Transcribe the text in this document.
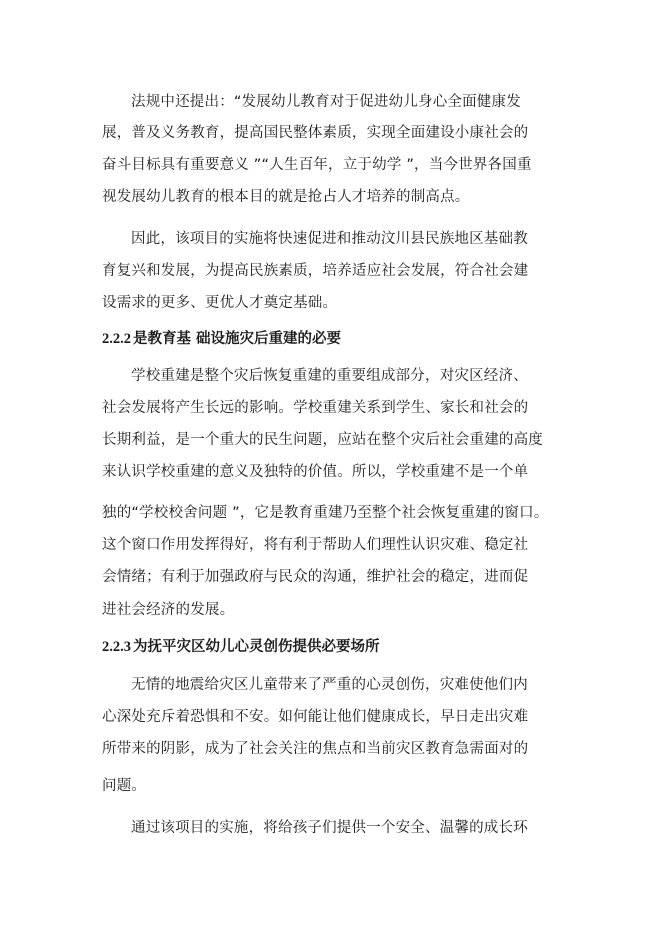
法规中还提出：“发展幼儿教育对于促进幼儿身心全面健康发
展，普及义务教育，提高国民整体素质，实现全面建设小康社会的
奋斗目标具有重要意义 ”“人生百年，立于幼学 ”，当今世界各国重
视发展幼儿教育的根本目的就是抢占人才培养的制高点。
因此，该项目的实施将快速促进和推动汶川县民族地区基础教
育复兴和发展，为提高民族素质，培养适应社会发展，符合社会建
设需求的更多、更优人才奠定基础。
2.2.2 是教育基 础设施灾后重建的必要
学校重建是整个灾后恢复重建的重要组成部分，对灾区经济、
社会发展将产生长远的影响。学校重建关系到学生、家长和社会的
长期利益，是一个重大的民生问题，应站在整个灾后社会重建的高度
来认识学校重建的意义及独特的价值。所以，学校重建不是一个单
独的“学校校舍问题 ”，它是教育重建乃至整个社会恢复重建的窗口。
这个窗口作用发挥得好，将有利于帮助人们理性认识灾难、稳定社
会情绪；有利于加强政府与民众的沟通，维护社会的稳定，进而促
进社会经济的发展。
2.2.3 为抚平灾区幼儿心灵创伤提供必要场所
无情的地震给灾区儿童带来了严重的心灵创伤，灾难使他们内
心深处充斥着恐惧和不安。如何能让他们健康成长，早日走出灾难
所带来的阴影，成为了社会关注的焦点和当前灾区教育急需面对的
问题。
通过该项目的实施，将给孩子们提供一个安全、温馨的成长环
